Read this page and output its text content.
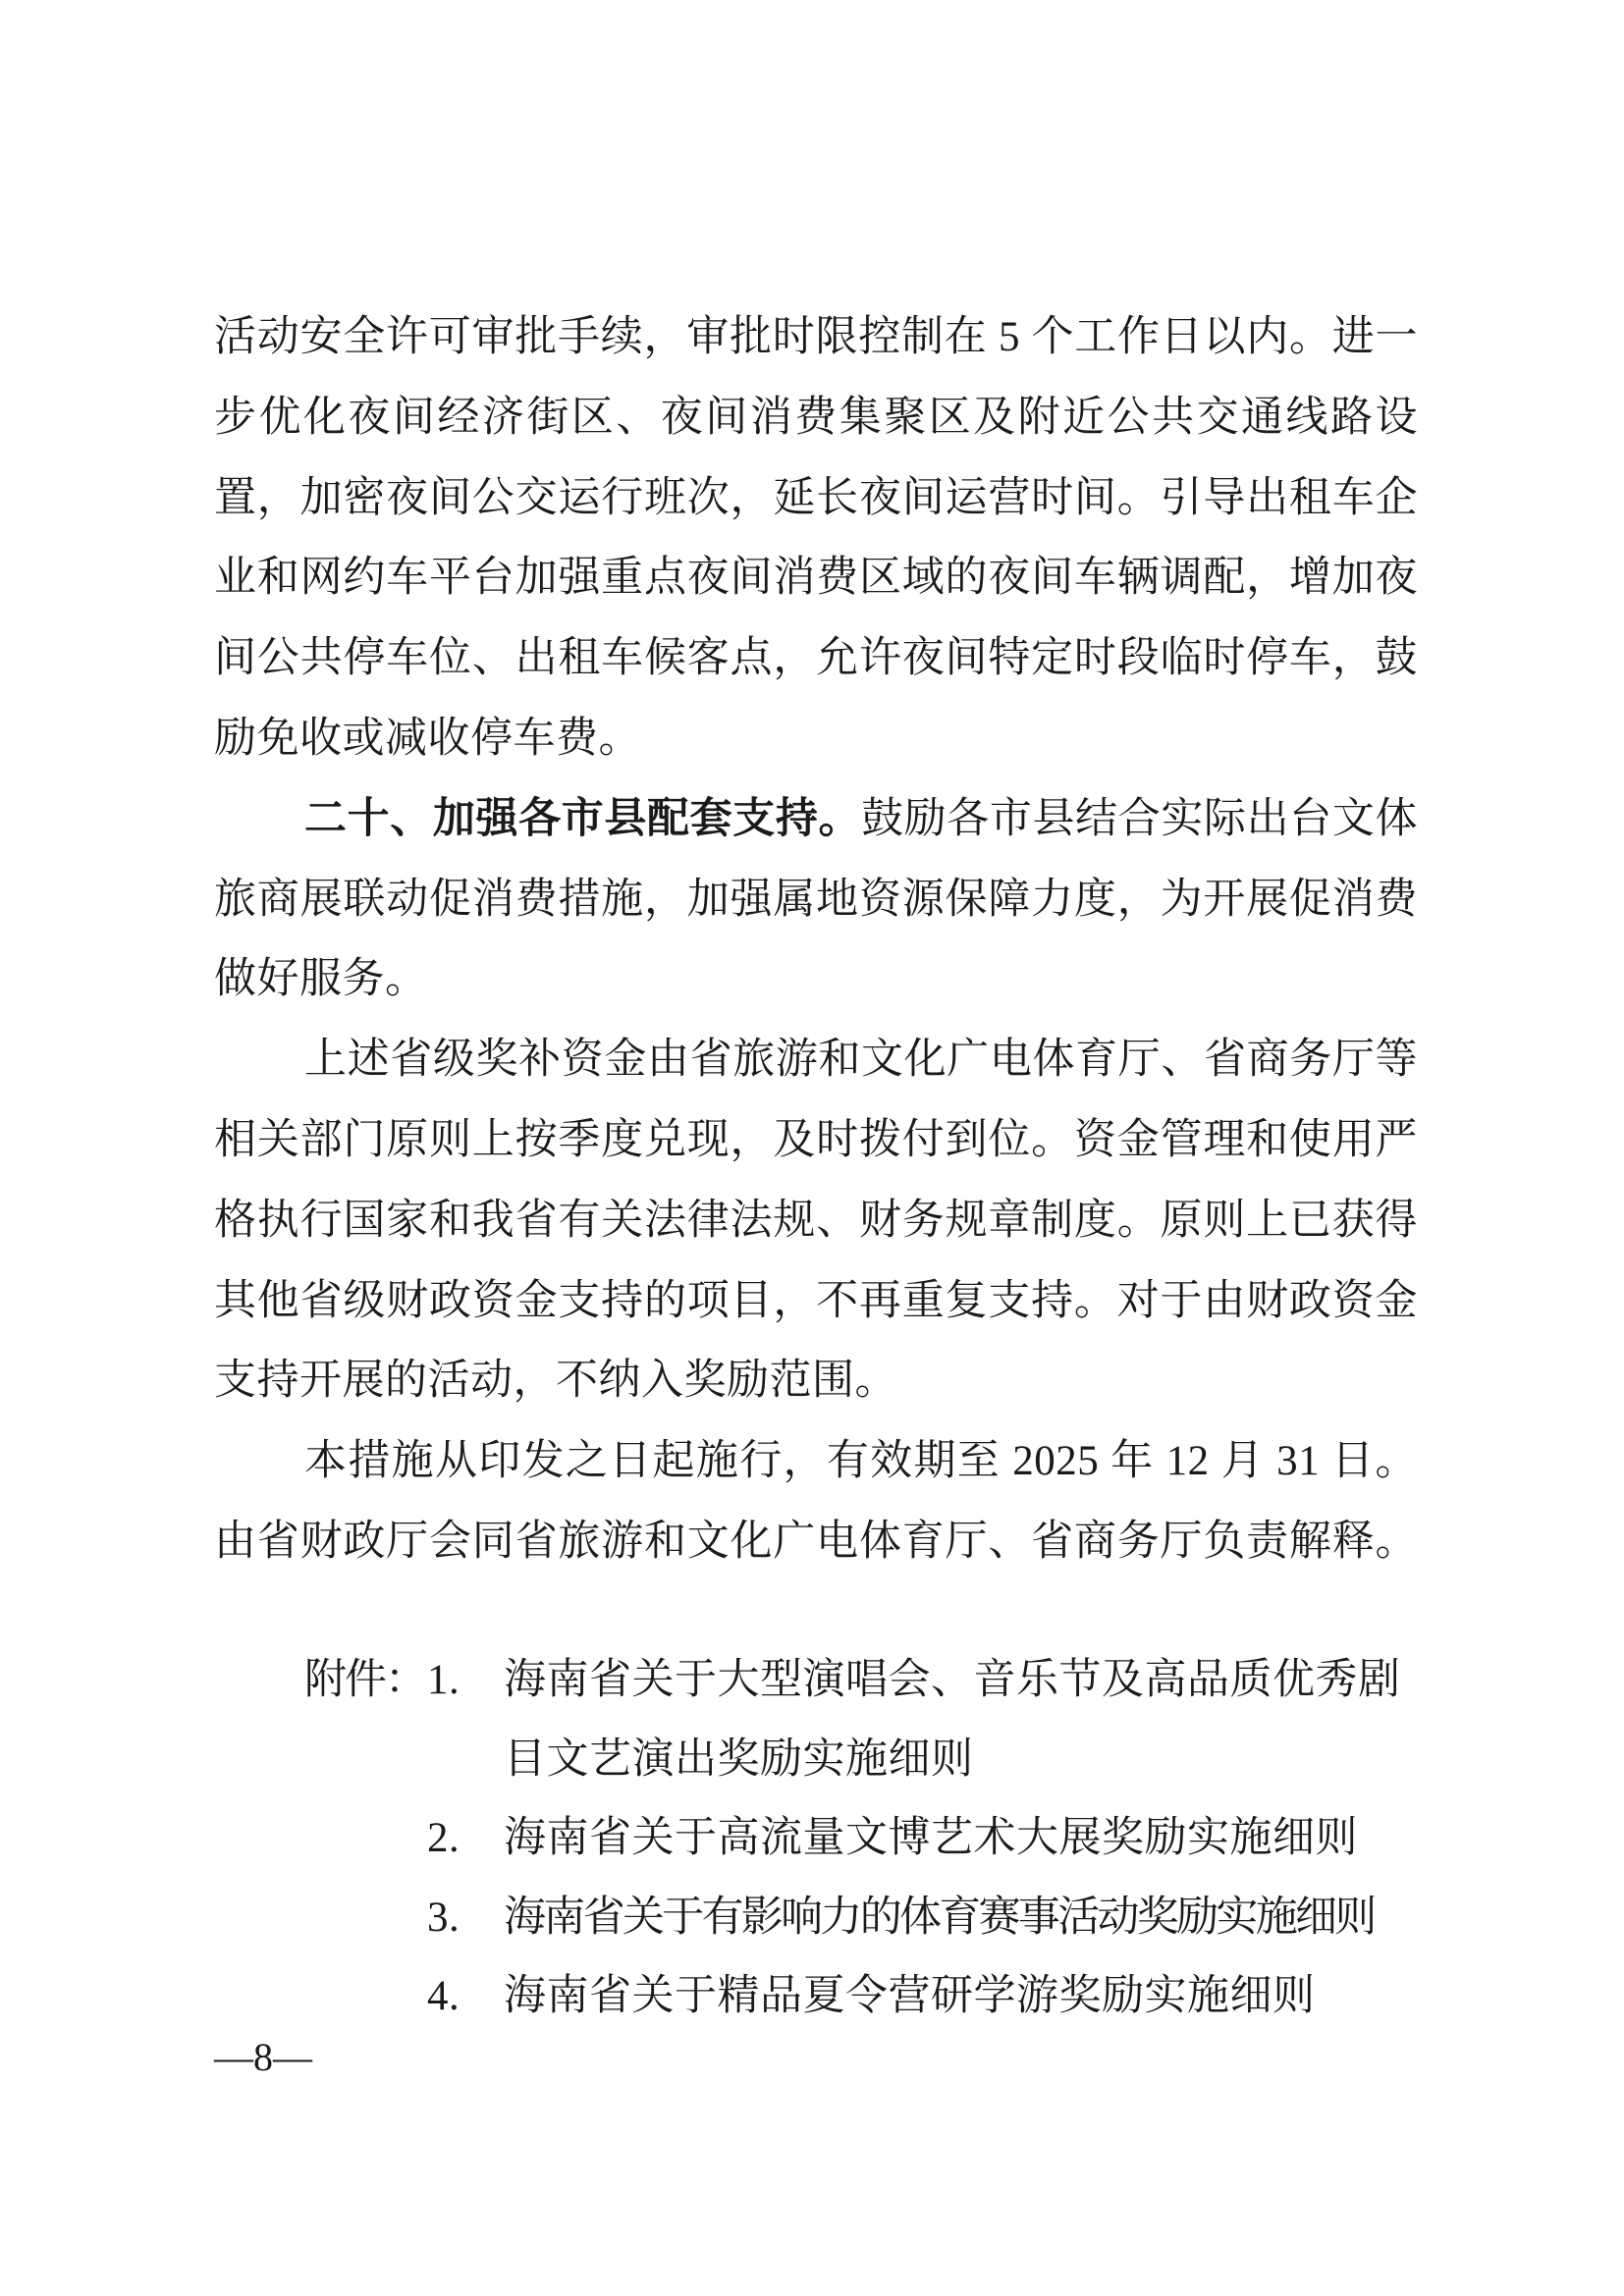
活动安全许可审批手续，审批时限控制在 5 个工作日以内。进一
步优化夜间经济街区、夜间消费集聚区及附近公共交通线路设
置，加密夜间公交运行班次，延长夜间运营时间。引导出租车企
业和网约车平台加强重点夜间消费区域的夜间车辆调配，增加夜
间公共停车位、出租车候客点，允许夜间特定时段临时停车，鼓
励免收或减收停车费。
二十、加强各市县配套支持。鼓励各市县结合实际出台文体
旅商展联动促消费措施，加强属地资源保障力度，为开展促消费
做好服务。
上述省级奖补资金由省旅游和文化广电体育厅、省商务厅等
相关部门原则上按季度兑现，及时拨付到位。资金管理和使用严
格执行国家和我省有关法律法规、财务规章制度。原则上已获得
其他省级财政资金支持的项目，不再重复支持。对于由财政资金
支持开展的活动，不纳入奖励范围。
本措施从印发之日起施行，有效期至 2025 年 12 月 31 日。
由省财政厅会同省旅游和文化广电体育厅、省商务厅负责解释。
附件： 1.	海南省关于大型演唱会、音乐节及高品质优秀剧
目文艺演出奖励实施细则
2.	海南省关于高流量文博艺术大展奖励实施细则
3.	海南省关于有影响力的体育赛事活动奖励实施细则
4.	海南省关于精品夏令营研学游奖励实施细则
—8—
